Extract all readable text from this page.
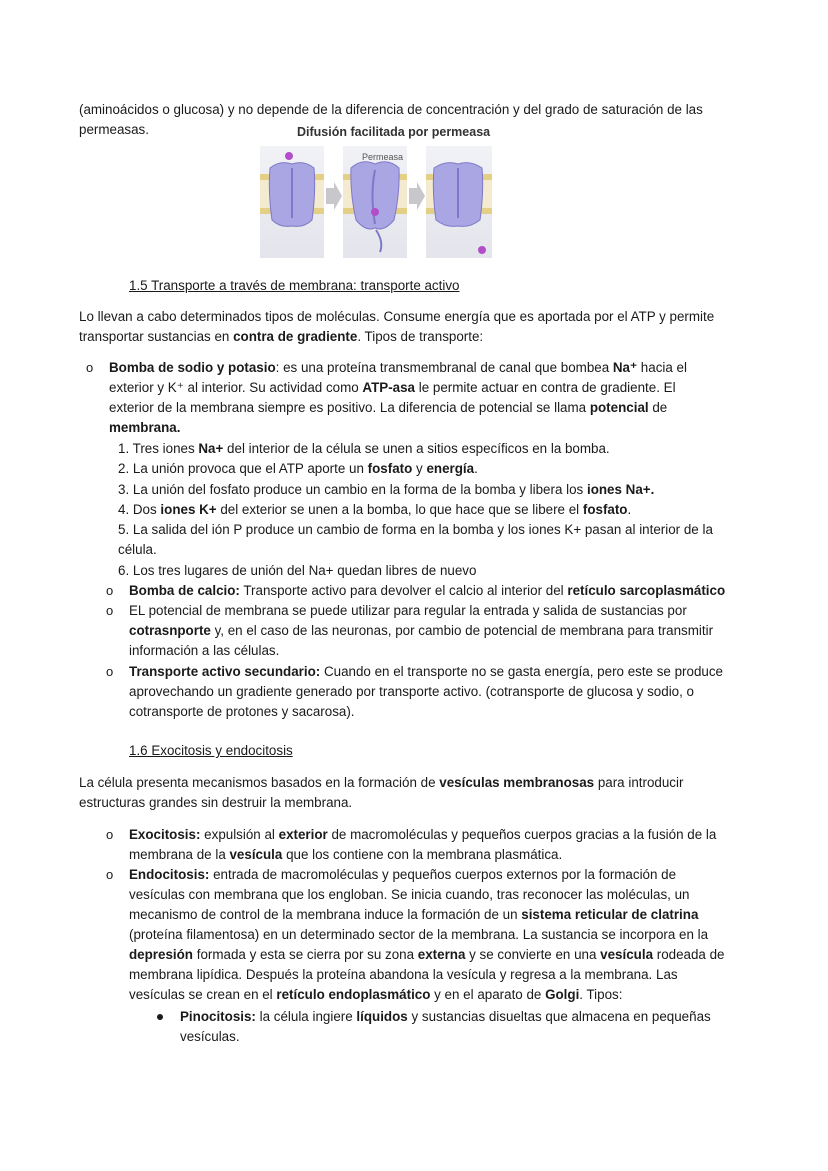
(aminoácidos o glucosa) y no depende de la diferencia de concentración y del grado de saturación de las
permeasas.	Difusión facilitada por permeasa
Permeasa
1.5 Transporte a través de membrana: transporte activo
Lo llevan a cabo determinados tipos de moléculas. Consume energía que es aportada por el ATP y permite
transportar sustancias en contra de gradiente. Tipos de transporte:
o Bomba de sodio y potasio: es una proteína transmembranal de canal que bombea Na⁺ hacia el
exterior y K⁺ al interior. Su actividad como ATP-asa le permite actuar en contra de gradiente. El
exterior de la membrana siempre es positivo. La diferencia de potencial se llama potencial de
membrana.
1. Tres iones Na+ del interior de la célula se unen a sitios específicos en la bomba.
2. La unión provoca que el ATP aporte un fosfato y energía.
3. La unión del fosfato produce un cambio en la forma de la bomba y libera los iones Na+.
4. Dos iones K+ del exterior se unen a la bomba, lo que hace que se libere el fosfato.
5. La salida del ión P produce un cambio de forma en la bomba y los iones K+ pasan al interior de la
célula.
6. Los tres lugares de unión del Na+ quedan libres de nuevo
o Bomba de calcio: Transporte activo para devolver el calcio al interior del retículo sarcoplasmático
o EL potencial de membrana se puede utilizar para regular la entrada y salida de sustancias por
cotrasnporte y, en el caso de las neuronas, por cambio de potencial de membrana para transmitir
información a las células.
o Transporte activo secundario: Cuando en el transporte no se gasta energía, pero este se produce
aprovechando un gradiente generado por transporte activo. (cotransporte de glucosa y sodio, o
cotransporte de protones y sacarosa).
1.6 Exocitosis y endocitosis
La célula presenta mecanismos basados en la formación de vesículas membranosas para introducir
estructuras grandes sin destruir la membrana.
o Exocitosis: expulsión al exterior de macromoléculas y pequeños cuerpos gracias a la fusión de la
membrana de la vesícula que los contiene con la membrana plasmática.
o Endocitosis: entrada de macromoléculas y pequeños cuerpos externos por la formación de
vesículas con membrana que los engloban. Se inicia cuando, tras reconocer las moléculas, un
mecanismo de control de la membrana induce la formación de un sistema reticular de clatrina
(proteína filamentosa) en un determinado sector de la membrana. La sustancia se incorpora en la
depresión formada y esta se cierra por su zona externa y se convierte en una vesícula rodeada de
membrana lipídica. Después la proteína abandona la vesícula y regresa a la membrana. Las
vesículas se crean en el retículo endoplasmático y en el aparato de Golgi. Tipos:
Pinocitosis: la célula ingiere líquidos y sustancias disueltas que almacena en pequeñas
vesículas.
